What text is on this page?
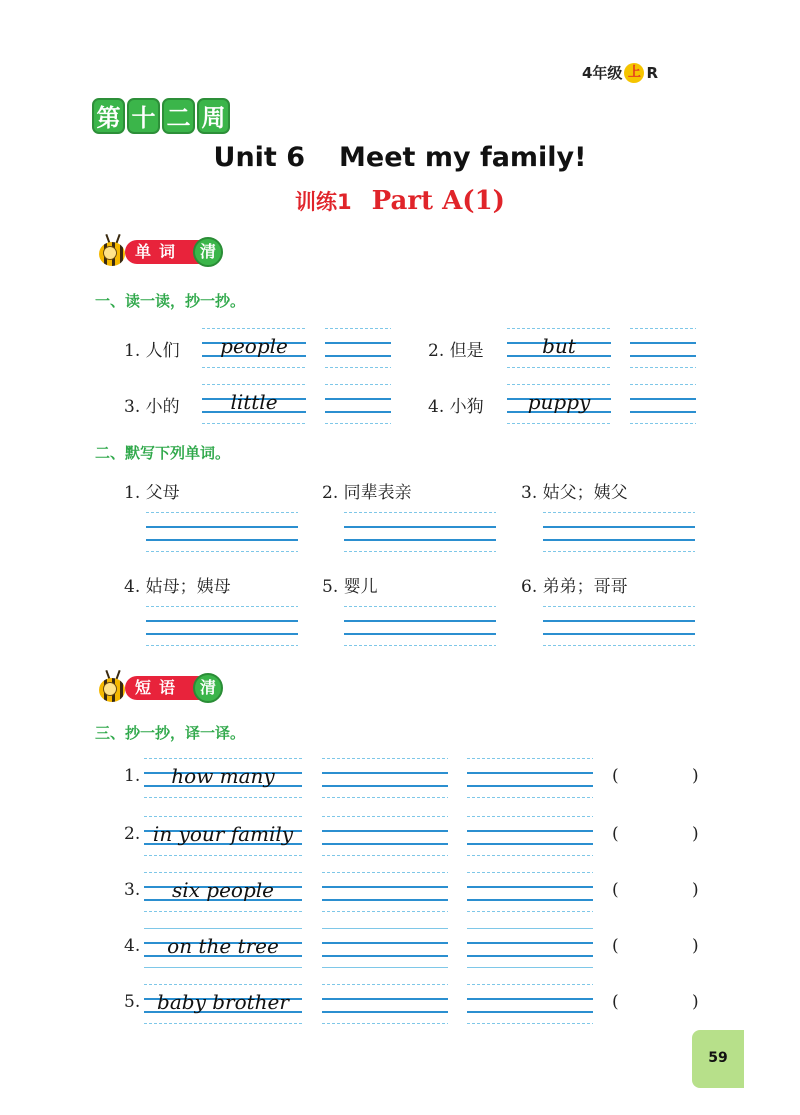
4年级 上 R
第 十 二 周
Unit 6 Meet my family!
训练1 Part A(1)
单词	清
一、读一读，抄一抄。
1. 人们	people	2. 但是	but
3. 小的	little	4. 小狗	puppy
二、默写下列单词。
1. 父母	2. 同辈表亲	3. 姑父；姨父
4. 姑母；姨母	5. 婴儿	6. 弟弟；哥哥
短语	清
三、抄一抄，译一译。
1.	how many	(	)
2. in your family	(	)
3.	six people	(	)
4.	on the tree	(	)
5. baby brother	(	)
59
